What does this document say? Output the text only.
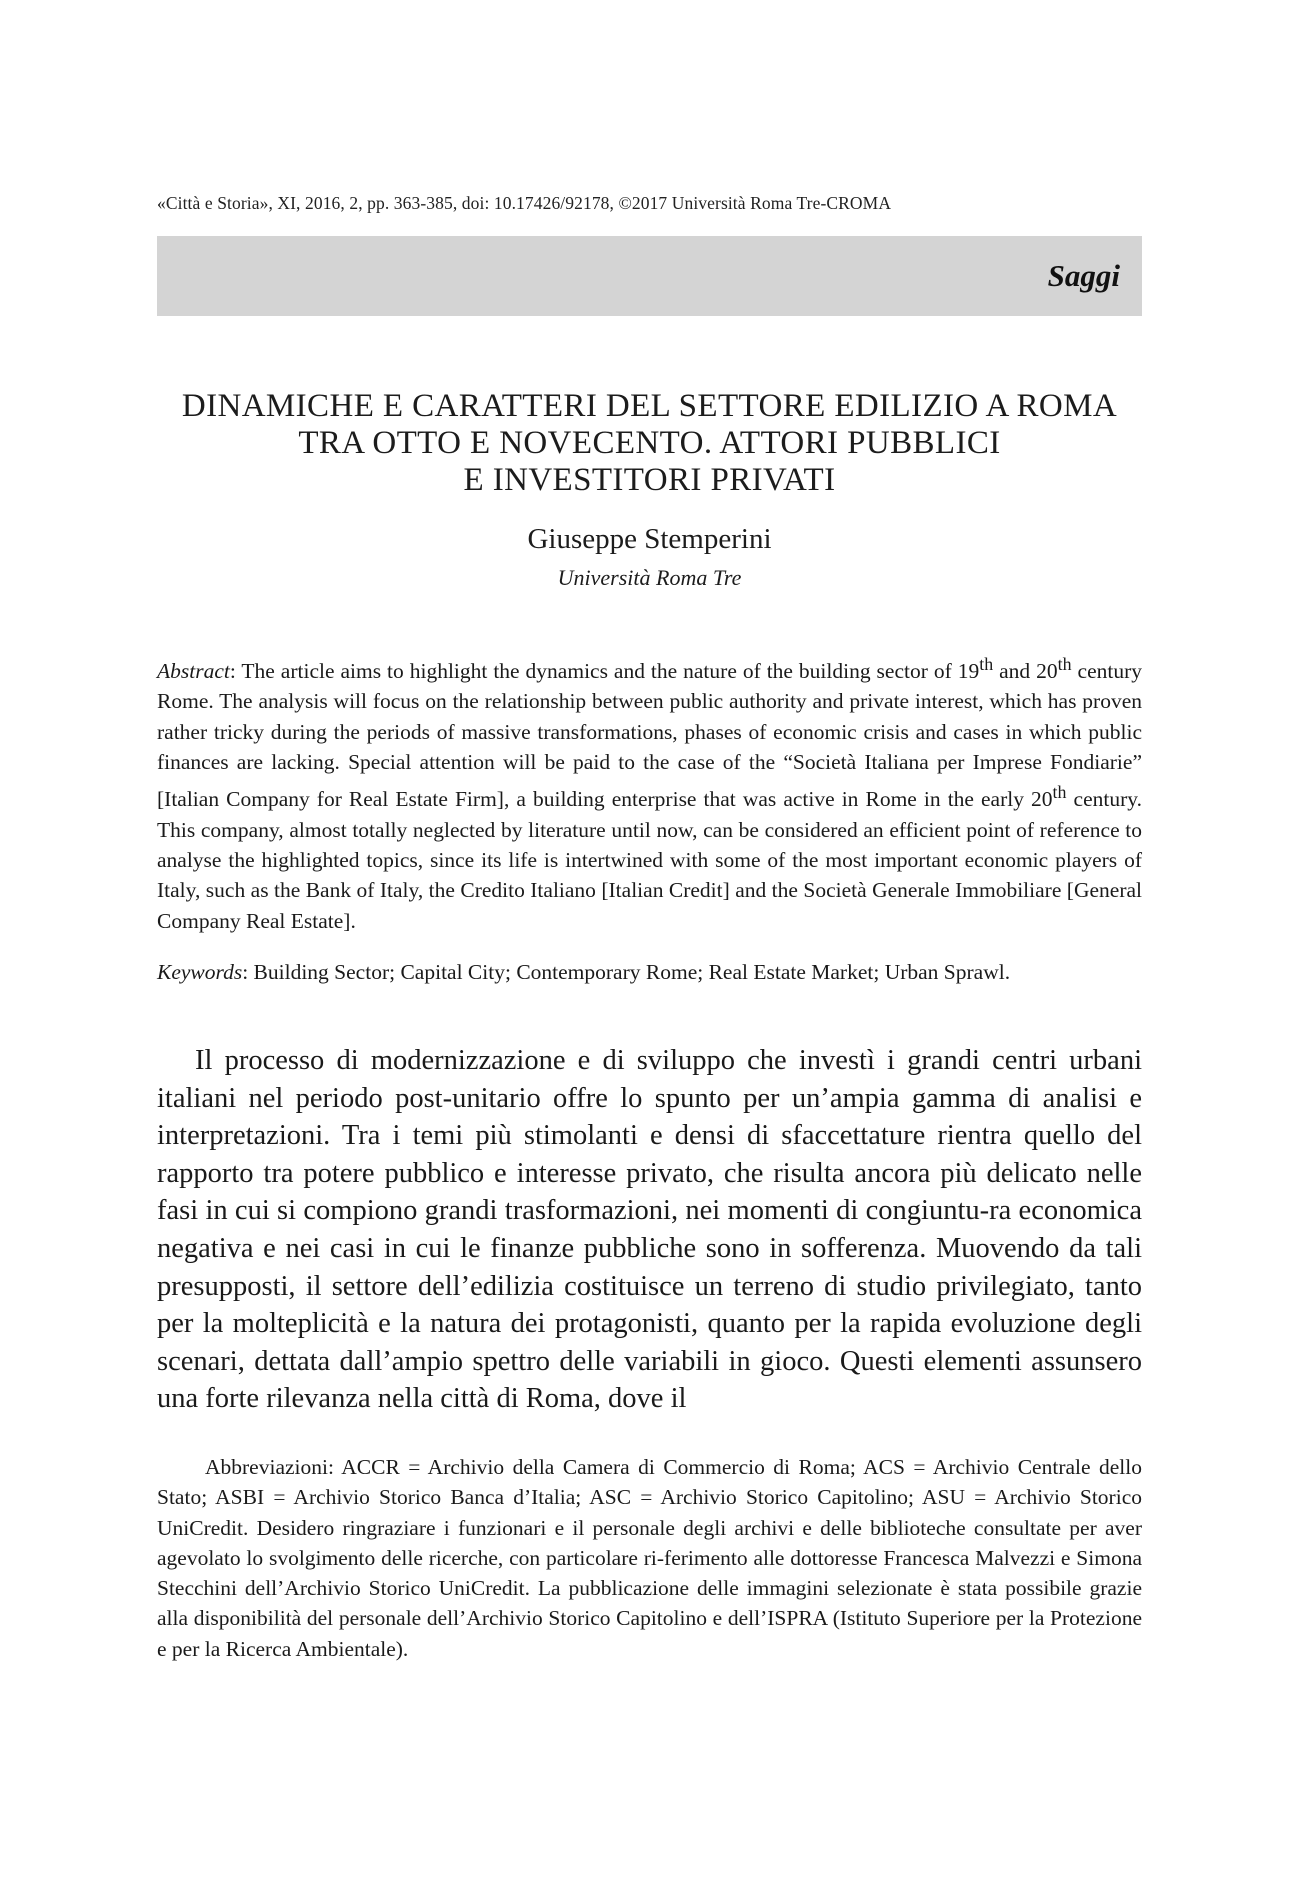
«Città e Storia», XI, 2016, 2, pp. 363-385, doi: 10.17426/92178, ©2017 Università Roma Tre-CROMA
Saggi
DINAMICHE E CARATTERI DEL SETTORE EDILIZIO A ROMA
TRA OTTO E NOVECENTO. ATTORI PUBBLICI
E INVESTITORI PRIVATI
Giuseppe Stemperini
Università Roma Tre
Abstract: The article aims to highlight the dynamics and the nature of the building sector of 19th and 20th century Rome. The analysis will focus on the relationship between public authority and private interest, which has proven rather tricky during the periods of massive transformations, phases of economic crisis and cases in which public finances are lacking. Special attention will be paid to the case of the “Società Italiana per Imprese Fondiarie” [Italian Company for Real Estate Firm], a building enterprise that was active in Rome in the early 20th century. This company, almost totally neglected by literature until now, can be considered an efficient point of reference to analyse the highlighted topics, since its life is intertwined with some of the most important economic players of Italy, such as the Bank of Italy, the Credito Italiano [Italian Credit] and the Società Generale Immobiliare [General Company Real Estate].
Keywords: Building Sector; Capital City; Contemporary Rome; Real Estate Market; Urban Sprawl.
Il processo di modernizzazione e di sviluppo che investì i grandi centri urbani italiani nel periodo post-unitario offre lo spunto per un’ampia gamma di analisi e interpretazioni. Tra i temi più stimolanti e densi di sfaccettature rientra quello del rapporto tra potere pubblico e interesse privato, che risulta ancora più delicato nelle fasi in cui si compiono grandi trasformazioni, nei momenti di congiuntu-ra economica negativa e nei casi in cui le finanze pubbliche sono in sofferenza. Muovendo da tali presupposti, il settore dell’edilizia costituisce un terreno di studio privilegiato, tanto per la molteplicità e la natura dei protagonisti, quanto per la rapida evoluzione degli scenari, dettata dall’ampio spettro delle variabili in gioco. Questi elementi assunsero una forte rilevanza nella città di Roma, dove il
Abbreviazioni: ACCR = Archivio della Camera di Commercio di Roma; ACS = Archivio Centrale dello Stato; ASBI = Archivio Storico Banca d’Italia; ASC = Archivio Storico Capitolino; ASU = Archivio Storico UniCredit. Desidero ringraziare i funzionari e il personale degli archivi e delle biblioteche consultate per aver agevolato lo svolgimento delle ricerche, con particolare ri-ferimento alle dottoresse Francesca Malvezzi e Simona Stecchini dell’Archivio Storico UniCredit. La pubblicazione delle immagini selezionate è stata possibile grazie alla disponibilità del personale dell’Archivio Storico Capitolino e dell’ISPRA (Istituto Superiore per la Protezione e per la Ricerca Ambientale).
